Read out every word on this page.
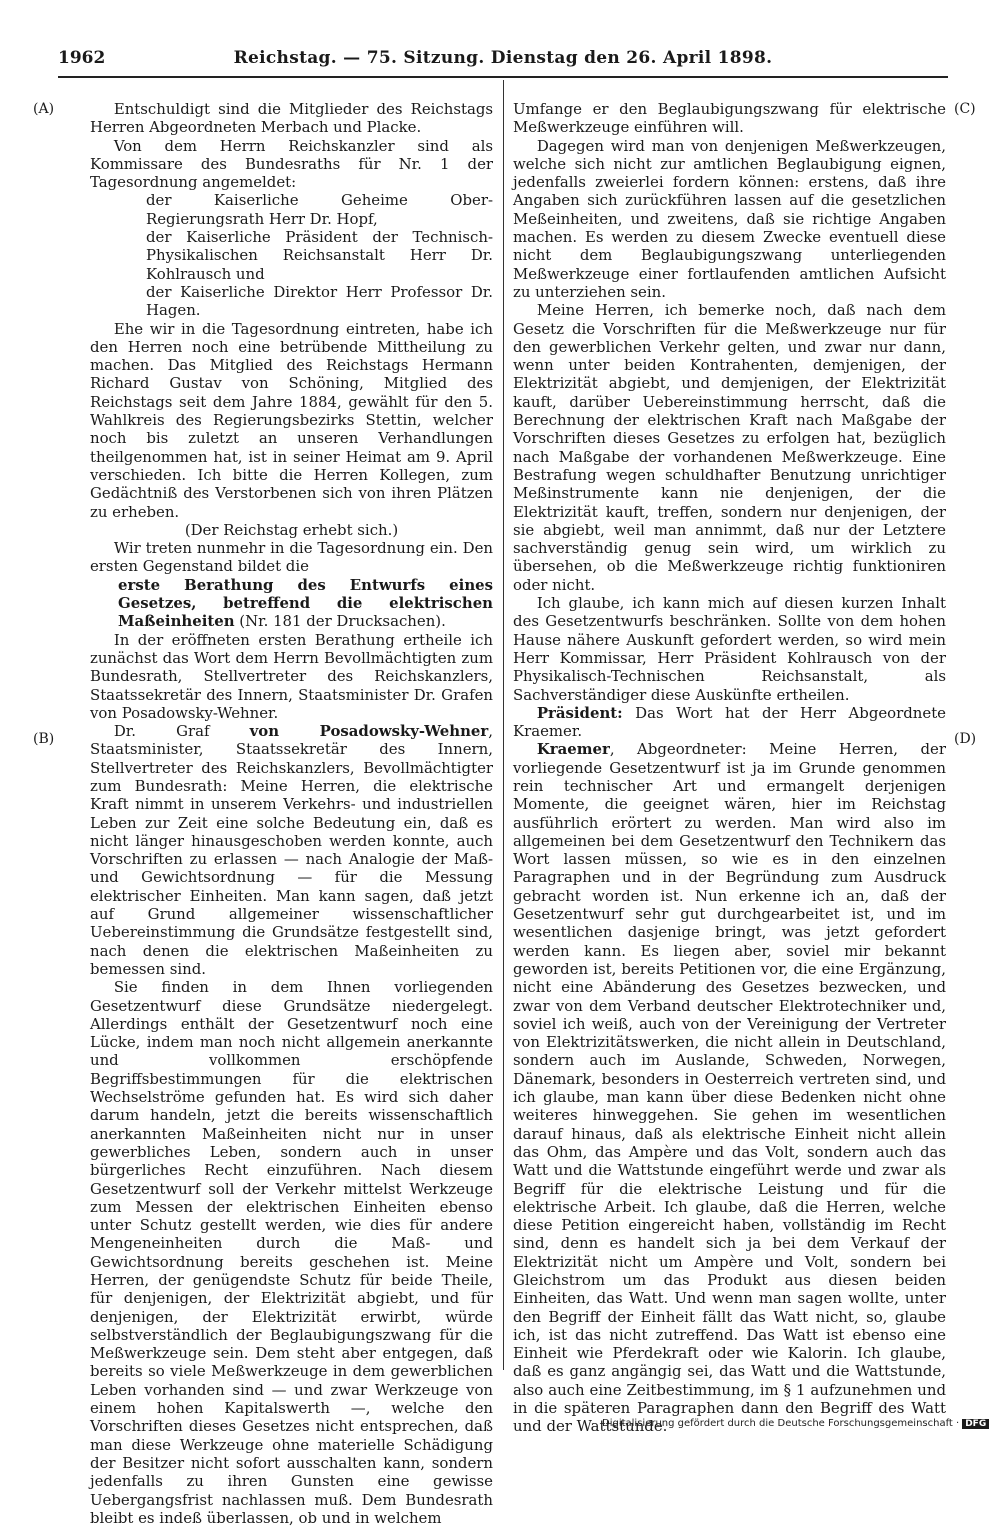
1962	Reichstag. — 75. Sitzung. Dienstag den 26. April 1898.
(A)
(B)
(C)
(D)

Entschuldigt sind die Mitglieder des Reichstags Herren Abgeordneten Merbach und Placke.

Von dem Herrn Reichskanzler sind als Kommissare des Bundesraths für Nr. 1 der Tagesordnung angemeldet:

der Kaiserliche Geheime Ober-Regierungsrath Herr Dr. Hopf,

der Kaiserliche Präsident der Technisch-Physikalischen Reichsanstalt Herr Dr. Kohlrausch und

der Kaiserliche Direktor Herr Professor Dr. Hagen.

Ehe wir in die Tagesordnung eintreten, habe ich den Herren noch eine betrübende Mittheilung zu machen. Das Mitglied des Reichstags Hermann Richard Gustav von Schöning, Mitglied des Reichstags seit dem Jahre 1884, gewählt für den 5. Wahlkreis des Regierungsbezirks Stettin, welcher noch bis zuletzt an unseren Verhandlungen theilgenommen hat, ist in seiner Heimat am 9. April verschieden. Ich bitte die Herren Kollegen, zum Gedächtniß des Verstorbenen sich von ihren Plätzen zu erheben.

(Der Reichstag erhebt sich.)

Wir treten nunmehr in die Tagesordnung ein. Den ersten Gegenstand bildet die

erste Berathung des Entwurfs eines Gesetzes, betreffend die elektrischen Maßeinheiten (Nr. 181 der Drucksachen).

In der eröffneten ersten Berathung ertheile ich zunächst das Wort dem Herrn Bevollmächtigten zum Bundesrath, Stellvertreter des Reichskanzlers, Staatssekretär des Innern, Staatsminister Dr. Grafen von Posadowsky-Wehner.

Dr. Graf von Posadowsky-Wehner, Staatsminister, Staatssekretär des Innern, Stellvertreter des Reichskanzlers, Bevollmächtigter zum Bundesrath: Meine Herren, die elektrische Kraft nimmt in unserem Verkehrs- und industriellen Leben zur Zeit eine solche Bedeutung ein, daß es nicht länger hinausgeschoben werden konnte, auch Vorschriften zu erlassen — nach Analogie der Maß- und Gewichtsordnung — für die Messung elektrischer Einheiten. Man kann sagen, daß jetzt auf Grund allgemeiner wissenschaftlicher Uebereinstimmung die Grundsätze festgestellt sind, nach denen die elektrischen Maßeinheiten zu bemessen sind.

Sie finden in dem Ihnen vorliegenden Gesetzentwurf diese Grundsätze niedergelegt. Allerdings enthält der Gesetzentwurf noch eine Lücke, indem man noch nicht allgemein anerkannte und vollkommen erschöpfende Begriffsbestimmungen für die elektrischen Wechselströme gefunden hat. Es wird sich daher darum handeln, jetzt die bereits wissenschaftlich anerkannten Maßeinheiten nicht nur in unser gewerbliches Leben, sondern auch in unser bürgerliches Recht einzuführen. Nach diesem Gesetzentwurf soll der Verkehr mittelst Werkzeuge zum Messen der elektrischen Einheiten ebenso unter Schutz gestellt werden, wie dies für andere Mengeneinheiten durch die Maß- und Gewichtsordnung bereits geschehen ist. Meine Herren, der genügendste Schutz für beide Theile, für denjenigen, der Elektrizität abgiebt, und für denjenigen, der Elektrizität erwirbt, würde selbstverständlich der Beglaubigungszwang für die Meßwerkzeuge sein. Dem steht aber entgegen, daß bereits so viele Meßwerkzeuge in dem gewerblichen Leben vorhanden sind — und zwar Werkzeuge von einem hohen Kapitalswerth —, welche den Vorschriften dieses Gesetzes nicht entsprechen, daß man diese Werkzeuge ohne materielle Schädigung der Besitzer nicht sofort ausschalten kann, sondern jedenfalls zu ihren Gunsten eine gewisse Uebergangsfrist nachlassen muß. Dem Bundesrath bleibt es indeß überlassen, ob und in welchem

Umfange er den Beglaubigungszwang für elektrische Meßwerkzeuge einführen will.

Dagegen wird man von denjenigen Meßwerkzeugen, welche sich nicht zur amtlichen Beglaubigung eignen, jedenfalls zweierlei fordern können: erstens, daß ihre Angaben sich zurückführen lassen auf die gesetzlichen Meßeinheiten, und zweitens, daß sie richtige Angaben machen. Es werden zu diesem Zwecke eventuell diese nicht dem Beglaubigungszwang unterliegenden Meßwerkzeuge einer fortlaufenden amtlichen Aufsicht zu unterziehen sein.

Meine Herren, ich bemerke noch, daß nach dem Gesetz die Vorschriften für die Meßwerkzeuge nur für den gewerblichen Verkehr gelten, und zwar nur dann, wenn unter beiden Kontrahenten, demjenigen, der Elektrizität abgiebt, und demjenigen, der Elektrizität kauft, darüber Uebereinstimmung herrscht, daß die Berechnung der elektrischen Kraft nach Maßgabe der Vorschriften dieses Gesetzes zu erfolgen hat, bezüglich nach Maßgabe der vorhandenen Meßwerkzeuge. Eine Bestrafung wegen schuldhafter Benutzung unrichtiger Meßinstrumente kann nie denjenigen, der die Elektrizität kauft, treffen, sondern nur denjenigen, der sie abgiebt, weil man annimmt, daß nur der Letztere sachverständig genug sein wird, um wirklich zu übersehen, ob die Meßwerkzeuge richtig funktioniren oder nicht.

Ich glaube, ich kann mich auf diesen kurzen Inhalt des Gesetzentwurfs beschränken. Sollte von dem hohen Hause nähere Auskunft gefordert werden, so wird mein Herr Kommissar, Herr Präsident Kohlrausch von der Physikalisch-Technischen Reichsanstalt, als Sachverständiger diese Auskünfte ertheilen.

Präsident: Das Wort hat der Herr Abgeordnete Kraemer.

Kraemer, Abgeordneter: Meine Herren, der vorliegende Gesetzentwurf ist ja im Grunde genommen rein technischer Art und ermangelt derjenigen Momente, die geeignet wären, hier im Reichstag ausführlich erörtert zu werden. Man wird also im allgemeinen bei dem Gesetzentwurf den Technikern das Wort lassen müssen, so wie es in den einzelnen Paragraphen und in der Begründung zum Ausdruck gebracht worden ist. Nun erkenne ich an, daß der Gesetzentwurf sehr gut durchgearbeitet ist, und im wesentlichen dasjenige bringt, was jetzt gefordert werden kann. Es liegen aber, soviel mir bekannt geworden ist, bereits Petitionen vor, die eine Ergänzung, nicht eine Abänderung des Gesetzes bezwecken, und zwar von dem Verband deutscher Elektrotechniker und, soviel ich weiß, auch von der Vereinigung der Vertreter von Elektrizitätswerken, die nicht allein in Deutschland, sondern auch im Auslande, Schweden, Norwegen, Dänemark, besonders in Oesterreich vertreten sind, und ich glaube, man kann über diese Bedenken nicht ohne weiteres hinweggehen. Sie gehen im wesentlichen darauf hinaus, daß als elektrische Einheit nicht allein das Ohm, das Ampère und das Volt, sondern auch das Watt und die Wattstunde eingeführt werde und zwar als Begriff für die elektrische Leistung und für die elektrische Arbeit. Ich glaube, daß die Herren, welche diese Petition eingereicht haben, vollständig im Recht sind, denn es handelt sich ja bei dem Verkauf der Elektrizität nicht um Ampère und Volt, sondern bei Gleichstrom um das Produkt aus diesen beiden Einheiten, das Watt. Und wenn man sagen wollte, unter den Begriff der Einheit fällt das Watt nicht, so, glaube ich, ist das nicht zutreffend. Das Watt ist ebenso eine Einheit wie Pferdekraft oder wie Kalorin. Ich glaube, daß es ganz angängig sei, das Watt und die Wattstunde, also auch eine Zeitbestimmung, im § 1 aufzunehmen und in die späteren Paragraphen dann den Begriff des Watt und der Wattstunde.

Digitalisierung gefördert durch die Deutsche Forschungsgemeinschaft · DFG
